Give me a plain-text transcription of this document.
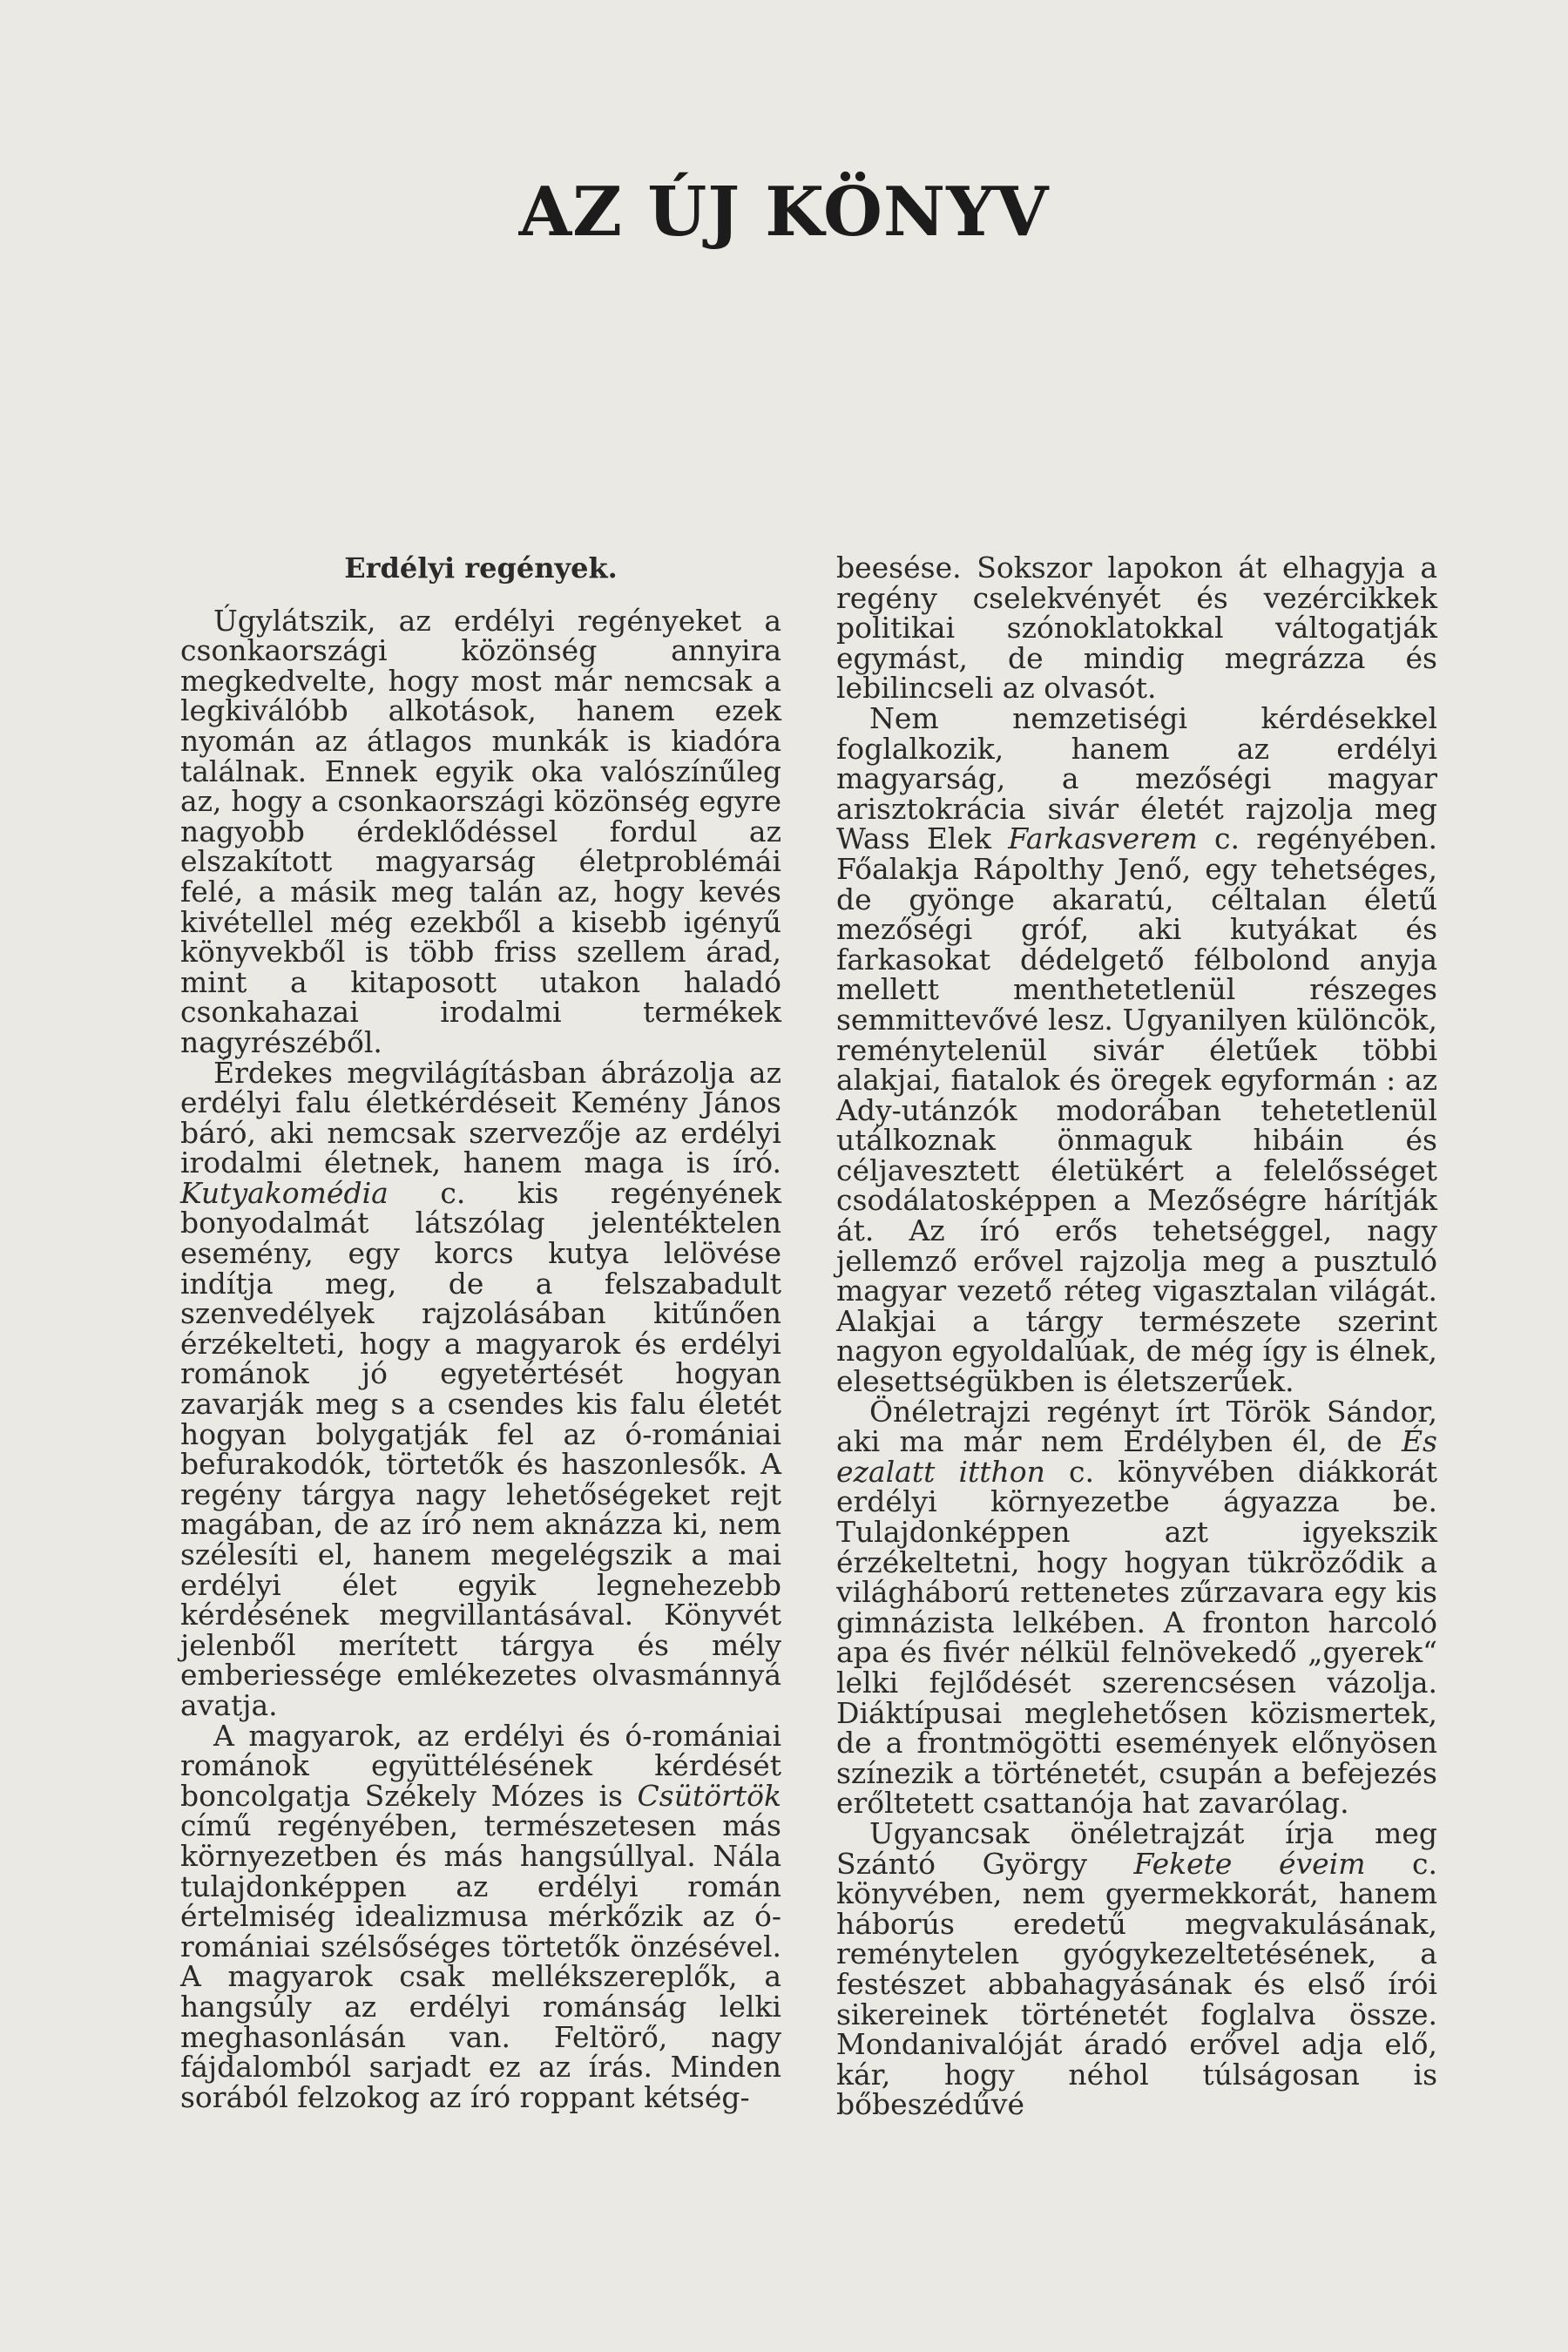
AZ ÚJ KÖNYV
Erdélyi regények.

Úgylátszik, az erdélyi regényeket a csonkaországi közönség annyira megkedvelte, hogy most már nemcsak a legkiválóbb alkotások, hanem ezek nyomán az átlagos munkák is kiadóra találnak. Ennek egyik oka valószínűleg az, hogy a csonkaországi közönség egyre nagyobb érdeklődéssel fordul az elszakított magyarság életproblémái felé, a másik meg talán az, hogy kevés kivétellel még ezekből a kisebb igényű könyvekből is több friss szellem árad, mint a kitaposott utakon haladó csonkahazai irodalmi termékek nagyrészéből.

Érdekes megvilágításban ábrázolja az erdélyi falu életkérdéseit Kemény János báró, aki nemcsak szervezője az erdélyi irodalmi életnek, hanem maga is író. Kutyakomédia c. kis regényének bonyodalmát látszólag jelentéktelen esemény, egy korcs kutya lelövése indítja meg, de a felszabadult szenvedélyek rajzolásában kitűnően érzékelteti, hogy a magyarok és erdélyi románok jó egyetértését hogyan zavarják meg s a csendes kis falu életét hogyan bolygatják fel az ó-romániai befurakodók, törtetők és haszonlesők. A regény tárgya nagy lehetőségeket rejt magában, de az író nem aknázza ki, nem szélesíti el, hanem megelégszik a mai erdélyi élet egyik legnehezebb kérdésének megvillantásával. Könyvét jelenből merített tárgya és mély emberiessége emlékezetes olvasmánnyá avatja.

A magyarok, az erdélyi és ó-romániai románok együttélésének kérdését boncolgatja Székely Mózes is Csütörtök című regényében, természetesen más környezetben és más hangsúllyal. Nála tulajdonképpen az erdélyi román értelmiség idealizmusa mérkőzik az ó-romániai szélsőséges törtetők önzésével. A magyarok csak mellékszereplők, a hangsúly az erdélyi románság lelki meghasonlásán van. Feltörő, nagy fájdalomból sarjadt ez az írás. Minden sorából felzokog az író roppant kétség-

beesése. Sokszor lapokon át elhagyja a regény cselekvényét és vezércikkek politikai szónoklatokkal váltogatják egymást, de mindig megrázza és lebilincseli az olvasót.

Nem nemzetiségi kérdésekkel foglalkozik, hanem az erdélyi magyarság, a mezőségi magyar arisztokrácia sivár életét rajzolja meg Wass Elek Farkasverem c. regényében. Főalakja Rápolthy Jenő, egy tehetséges, de gyönge akaratú, céltalan életű mezőségi gróf, aki kutyákat és farkasokat dédelgető félbolond anyja mellett menthetetlenül részeges semmittevővé lesz. Ugyanilyen különcök, reménytelenül sivár életűek többi alakjai, fiatalok és öregek egyformán : az Ady-utánzók modorában tehetetlenül utálkoznak önmaguk hibáin és céljavesztett életükért a felelősséget csodálatosképpen a Mezőségre hárítják át. Az író erős tehetséggel, nagy jellemző erővel rajzolja meg a pusztuló magyar vezető réteg vigasztalan világát. Alakjai a tárgy természete szerint nagyon egyoldalúak, de még így is élnek, elesettségükben is életszerűek.

Önéletrajzi regényt írt Török Sándor, aki ma már nem Erdélyben él, de És ezalatt itthon c. könyvében diákkorát erdélyi környezetbe ágyazza be. Tulajdonképpen azt igyekszik érzékeltetni, hogy hogyan tükröződik a világháború rettenetes zűrzavara egy kis gimnázista lelkében. A fronton harcoló apa és fivér nélkül felnövekedő „gyerek“ lelki fejlődését szerencsésen vázolja. Diáktípusai meglehetősen közismertek, de a frontmögötti események előnyösen színezik a történetét, csupán a befejezés erőltetett csattanója hat zavarólag.

Ugyancsak önéletrajzát írja meg Szántó György Fekete éveim c. könyvében, nem gyermekkorát, hanem háborús eredetű megvakulásának, reménytelen gyógykezeltetésének, a festészet abbahagyásának és első írói sikereinek történetét foglalva össze. Mondanivalóját áradó erővel adja elő, kár, hogy néhol túlságosan is bőbeszédűvé
